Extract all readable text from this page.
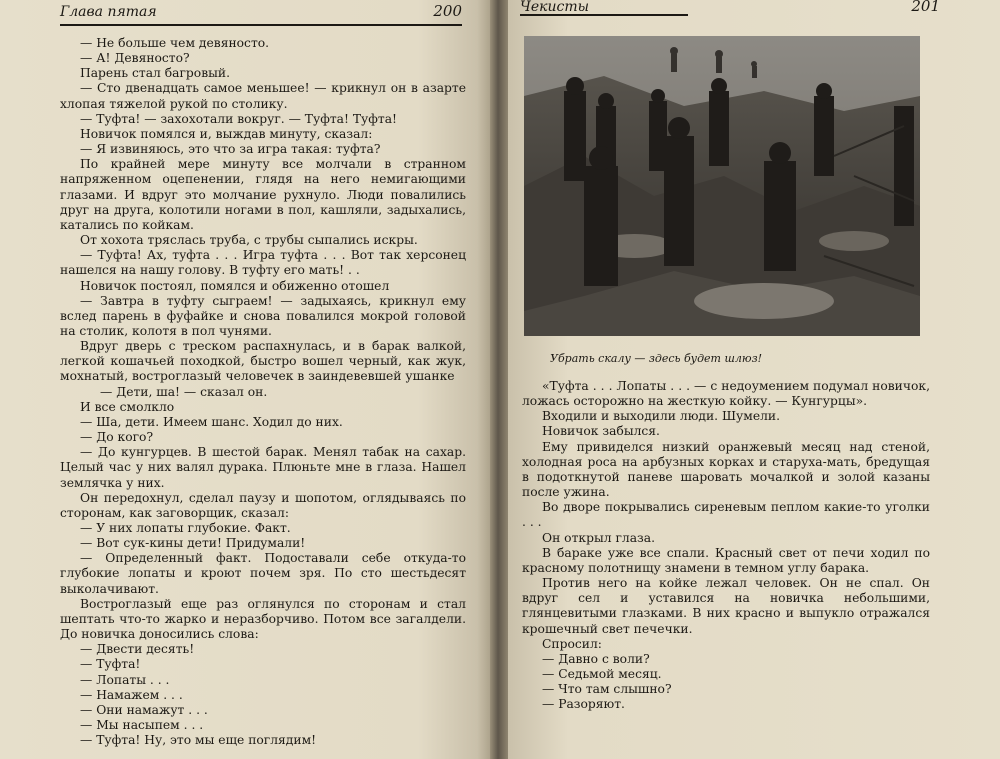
Глава пятая	200

— Не больше чем девяносто.

— А! Девяносто?

Парень стал багровый.

— Сто двенадцать самое меньшее! — крикнул он в азарте хлопая тяжелой рукой по столику.

— Туфта! — захохотали вокруг. — Туфта! Туфта!

Новичок помялся и, выждав минуту, сказал:

— Я извиняюсь, это что за игра такая: туфта?

По крайней мере минуту все молчали в странном напряженном оцепенении, глядя на него немигающими глазами. И вдруг это молчание рухнуло. Люди повалились друг на друга, колотили ногами в пол, кашляли, задыхались, катались по койкам.

От хохота тряслась труба, с трубы сыпались искры.

— Туфта! Ах, туфта . . . Игра туфта . . . Вот так херсонец нашелся на нашу голову. В туфту его мать! . .

Новичок постоял, помялся и обиженно отошел

— Завтра в туфту сыграем! — задыхаясь, крикнул ему вслед парень в фуфайке и снова повалился мокрой головой на столик, колотя в пол чунями.

Вдруг дверь с треском распахнулась, и в барак валкой, легкой кошачьей походкой, быстро вошел черный, как жук, мохнатый, востроглазый человечек в заиндевевшей ушанке

— Дети, ша! — сказал он.

И все смолкло

— Ша, дети. Имеем шанс. Ходил до них.

— До кого?

— До кунгурцев. В шестой барак. Менял табак на сахар. Целый час у них валял дурака. Плюньте мне в глаза. Нашел землячка у них.

Он передохнул, сделал паузу и шопотом, оглядываясь по сторонам, как заговорщик, сказал:

— У них лопаты глубокие. Факт.

— Вот сук-кины дети! Придумали!

— Определенный факт. Подоставали себе откуда-то глубокие лопаты и кроют почем зря. По сто шестьдесят выколачивают.

Востроглазый еще раз оглянулся по сторонам и стал шептать что-то жарко и неразборчиво. Потом все загалдели. До новичка доносились слова:

— Двести десять!

— Туфта!

— Лопаты . . .

— Намажем . . .

— Они намажут . . .

— Мы насыпем . . .

— Туфта! Ну, это мы еще поглядим!

Чекисты	201
Убрать скалу — здесь будет шлюз!

«Туфта . . . Лопаты . . . — с недоумением подумал новичок, ложась осторожно на жесткую койку. — Кунгурцы».

Входили и выходили люди. Шумели.

Новичок забылся.

Ему привиделся низкий оранжевый месяц над стеной, холодная роса на арбузных корках и старуха-мать, бредущая в подоткнутой паневе шаровать мочалкой и золой казаны после ужина.

Во дворе покрывались сиреневым пеплом какие-то уголки . . .

Он открыл глаза.

В бараке уже все спали. Красный свет от печи ходил по красному полотнищу знамени в темном углу барака.

Против него на койке лежал человек. Он не спал. Он вдруг сел и уставился на новичка небольшими, глянцевитыми глазками. В них красно и выпукло отражался крошечный свет печечки.

Спросил:

— Давно с воли?

— Седьмой месяц.

— Что там слышно?

— Разоряют.
